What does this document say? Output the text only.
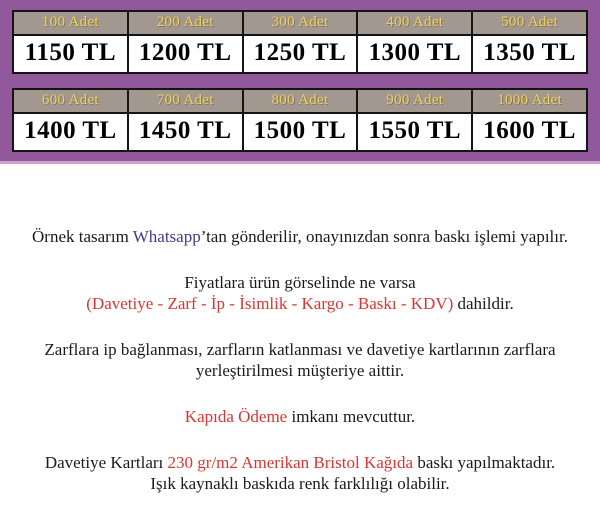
100 Adet	200 Adet	300 Adet	400 Adet	500 Adet
1150 TL	1200 TL	1250 TL	1300 TL	1350 TL
600 Adet	700 Adet	800 Adet	900 Adet	1000 Adet
1400 TL	1450 TL	1500 TL	1550 TL	1600 TL

Örnek tasarım Whatsapp’tan gönderilir, onayınızdan sonra baskı işlemi yapılır.

Fiyatlara ürün görselinde ne varsa
(Davetiye - Zarf - İp - İsimlik - Kargo - Baskı - KDV) dahildir.

Zarflara ip bağlanması, zarfların katlanması ve davetiye kartlarının zarflara
yerleştirilmesi müşteriye aittir.

Kapıda Ödeme imkanı mevcuttur.

Davetiye Kartları 230 gr/m2 Amerikan Bristol Kağıda baskı yapılmaktadır.
Işık kaynaklı baskıda renk farklılığı olabilir.
